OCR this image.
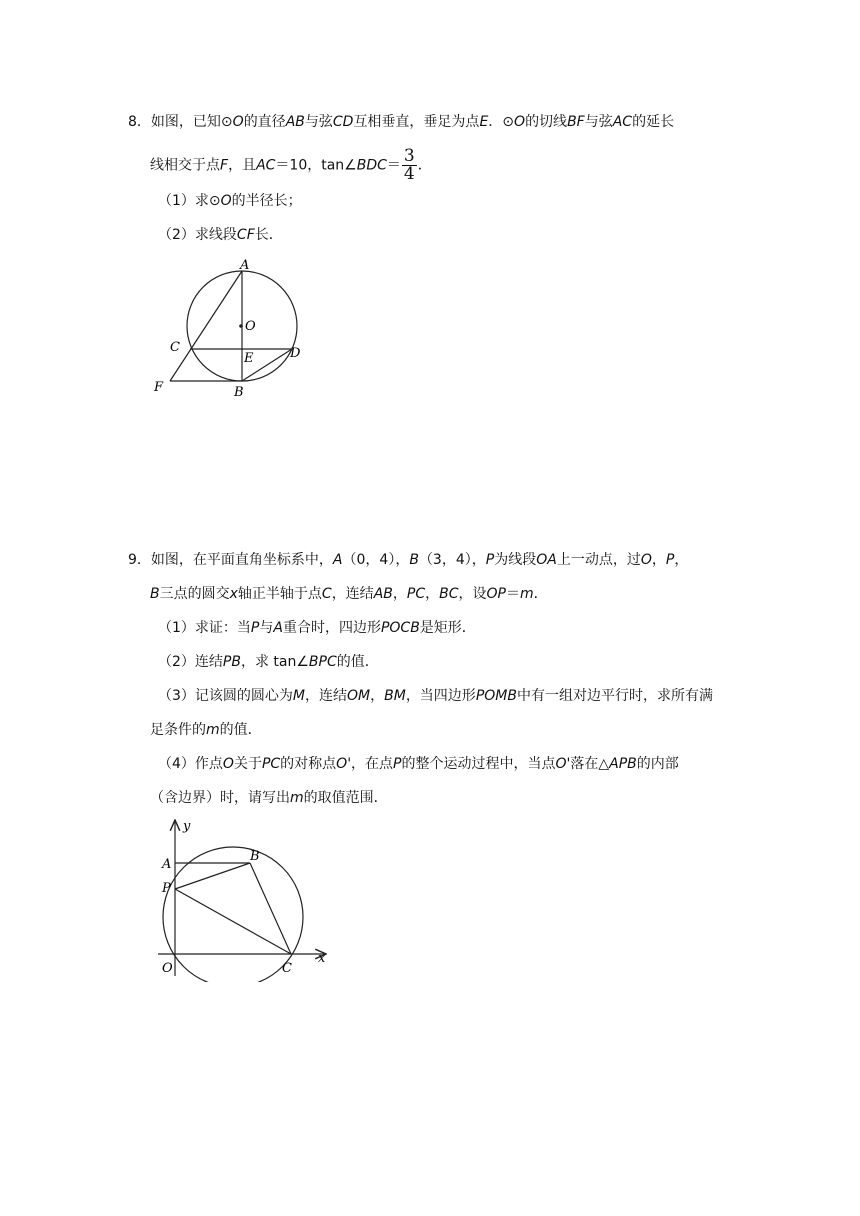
8．如图，已知⊙O的直径AB与弦CD互相垂直，垂足为点E．⊙O的切线BF与弦AC的延长
线相交于点F，且AC＝10，tan∠BDC＝ $\frac{3}{4}$ ．
（1）求⊙O的半径长；
（2）求线段CF长．
A
O
C
E	D
F	B
9．如图，在平面直角坐标系中，A（0，4），B（3，4），P为线段OA上一动点，过O，P，
B三点的圆交x轴正半轴于点C，连结AB，PC，BC，设OP＝m．
（1）求证：当P与A重合时，四边形POCB是矩形．
（2）连结PB，求 tan∠BPC的值．
（3）记该圆的圆心为M，连结OM，BM，当四边形POMB中有一组对边平行时，求所有满
足条件的m的值．
（4）作点O关于PC的对称点O'，在点P的整个运动过程中，当点O'落在△APB的内部
（含边界）时，请写出m的取值范围．
y
A
B
P
O	C
x
